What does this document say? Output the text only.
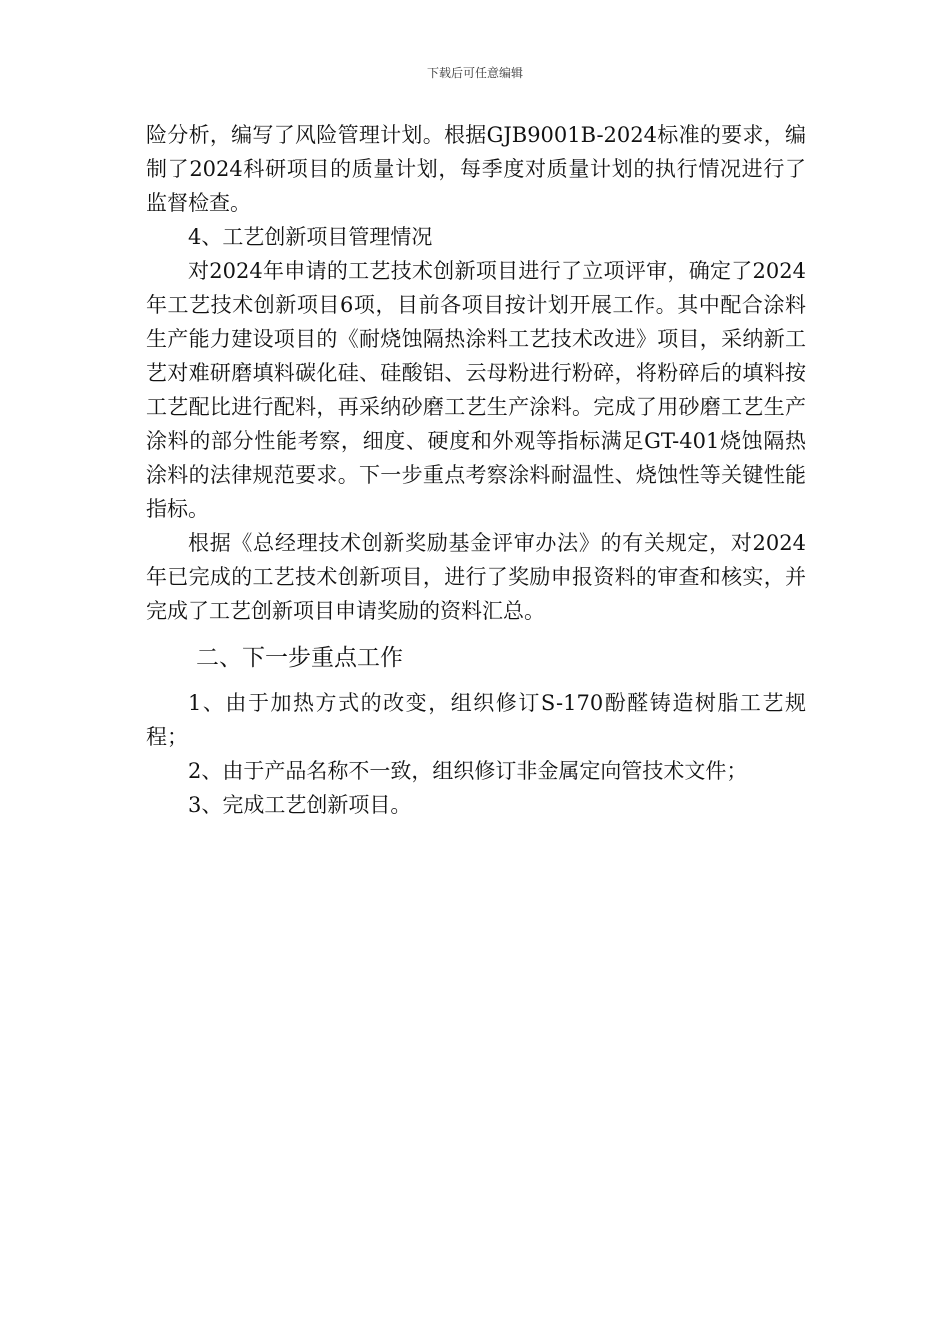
下载后可任意编辑

险分析，编写了风险管理计划。根据GJB9001B-2024标准的要求，编制了2024科研项目的质量计划，每季度对质量计划的执行情况进行了监督检查。

4、工艺创新项目管理情况

对2024年申请的工艺技术创新项目进行了立项评审，确定了2024年工艺技术创新项目6项，目前各项目按计划开展工作。其中配合涂料生产能力建设项目的《耐烧蚀隔热涂料工艺技术改进》项目，采纳新工艺对难研磨填料碳化硅、硅酸铝、云母粉进行粉碎，将粉碎后的填料按工艺配比进行配料，再采纳砂磨工艺生产涂料。完成了用砂磨工艺生产涂料的部分性能考察，细度、硬度和外观等指标满足GT-401烧蚀隔热涂料的法律规范要求。下一步重点考察涂料耐温性、烧蚀性等关键性能指标。

根据《总经理技术创新奖励基金评审办法》的有关规定，对2024年已完成的工艺技术创新项目，进行了奖励申报资料的审查和核实，并完成了工艺创新项目申请奖励的资料汇总。

二、下一步重点工作

1、由于加热方式的改变，组织修订S-170酚醛铸造树脂工艺规程；

2、由于产品名称不一致，组织修订非金属定向管技术文件；

3、完成工艺创新项目。
